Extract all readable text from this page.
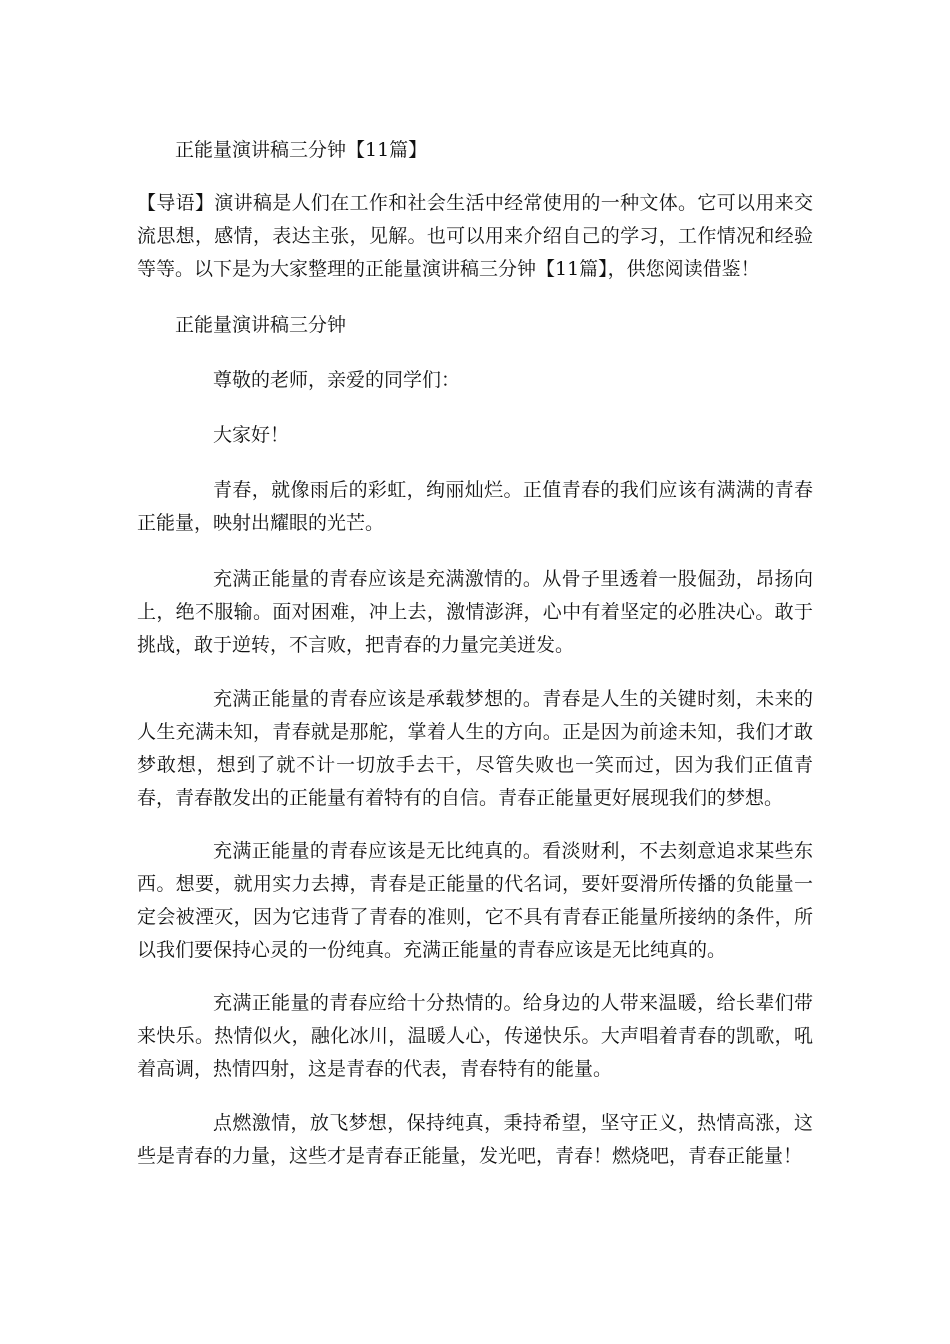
正能量演讲稿三分钟【11篇】

【导语】演讲稿是人们在工作和社会生活中经常使用的一种文体。它可以用来交流思想，感情，表达主张，见解。也可以用来介绍自己的学习，工作情况和经验等等。以下是为大家整理的正能量演讲稿三分钟【11篇】，供您阅读借鉴！

正能量演讲稿三分钟

尊敬的老师，亲爱的同学们：

大家好！

青春，就像雨后的彩虹，绚丽灿烂。正值青春的我们应该有满满的青春正能量，映射出耀眼的光芒。

充满正能量的青春应该是充满激情的。从骨子里透着一股倔劲，昂扬向上，绝不服输。面对困难，冲上去，激情澎湃，心中有着坚定的必胜决心。敢于挑战，敢于逆转，不言败，把青春的力量完美迸发。

充满正能量的青春应该是承载梦想的。青春是人生的关键时刻，未来的人生充满未知，青春就是那舵，掌着人生的方向。正是因为前途未知，我们才敢梦敢想，想到了就不计一切放手去干，尽管失败也一笑而过，因为我们正值青春，青春散发出的正能量有着特有的自信。青春正能量更好展现我们的梦想。

充满正能量的青春应该是无比纯真的。看淡财利，不去刻意追求某些东西。想要，就用实力去搏，青春是正能量的代名词，要奸耍滑所传播的负能量一定会被湮灭，因为它违背了青春的准则，它不具有青春正能量所接纳的条件，所以我们要保持心灵的一份纯真。充满正能量的青春应该是无比纯真的。

充满正能量的青春应给十分热情的。给身边的人带来温暖，给长辈们带来快乐。热情似火，融化冰川，温暖人心，传递快乐。大声唱着青春的凯歌，吼着高调，热情四射，这是青春的代表，青春特有的能量。

点燃激情，放飞梦想，保持纯真，秉持希望，坚守正义，热情高涨，这些是青春的力量，这些才是青春正能量，发光吧，青春！燃烧吧，青春正能量！
